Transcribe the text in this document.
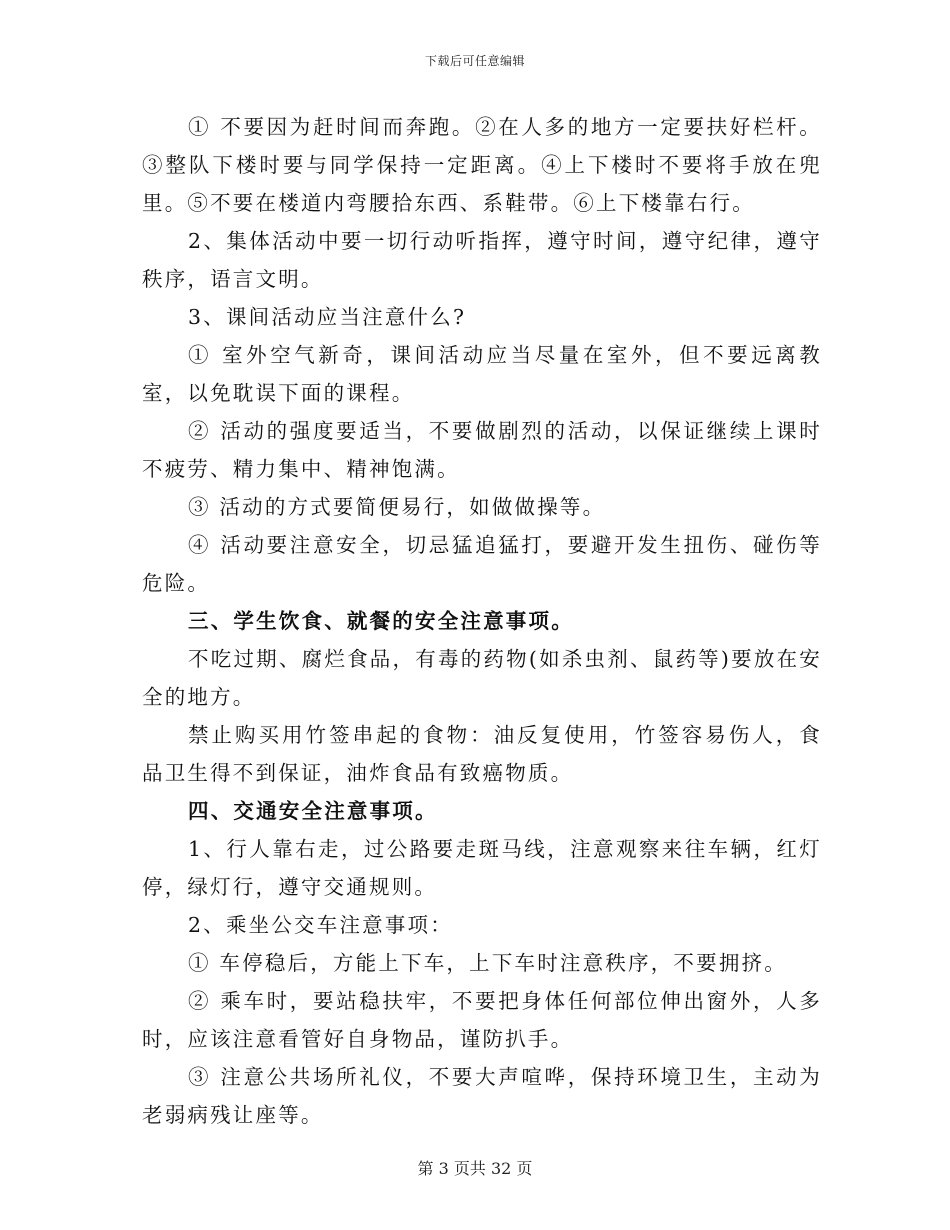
下载后可任意编辑

① 不要因为赶时间而奔跑。②在人多的地方一定要扶好栏杆。③整队下楼时要与同学保持一定距离。④上下楼时不要将手放在兜里。⑤不要在楼道内弯腰拾东西、系鞋带。⑥上下楼靠右行。

2、集体活动中要一切行动听指挥，遵守时间，遵守纪律，遵守秩序，语言文明。

3、课间活动应当注意什么?

① 室外空气新奇，课间活动应当尽量在室外，但不要远离教室，以免耽误下面的课程。

② 活动的强度要适当，不要做剧烈的活动，以保证继续上课时不疲劳、精力集中、精神饱满。

③ 活动的方式要简便易行，如做做操等。

④ 活动要注意安全，切忌猛追猛打，要避开发生扭伤、碰伤等危险。

三、学生饮食、就餐的安全注意事项。

不吃过期、腐烂食品，有毒的药物(如杀虫剂、鼠药等)要放在安全的地方。

禁止购买用竹签串起的食物：油反复使用，竹签容易伤人，食品卫生得不到保证，油炸食品有致癌物质。

四、交通安全注意事项。

1、行人靠右走，过公路要走斑马线，注意观察来往车辆，红灯停，绿灯行，遵守交通规则。

2、乘坐公交车注意事项：

① 车停稳后，方能上下车，上下车时注意秩序，不要拥挤。

② 乘车时，要站稳扶牢，不要把身体任何部位伸出窗外，人多时，应该注意看管好自身物品，谨防扒手。

③ 注意公共场所礼仪，不要大声喧哗，保持环境卫生，主动为老弱病残让座等。

第 3 页共 32 页
